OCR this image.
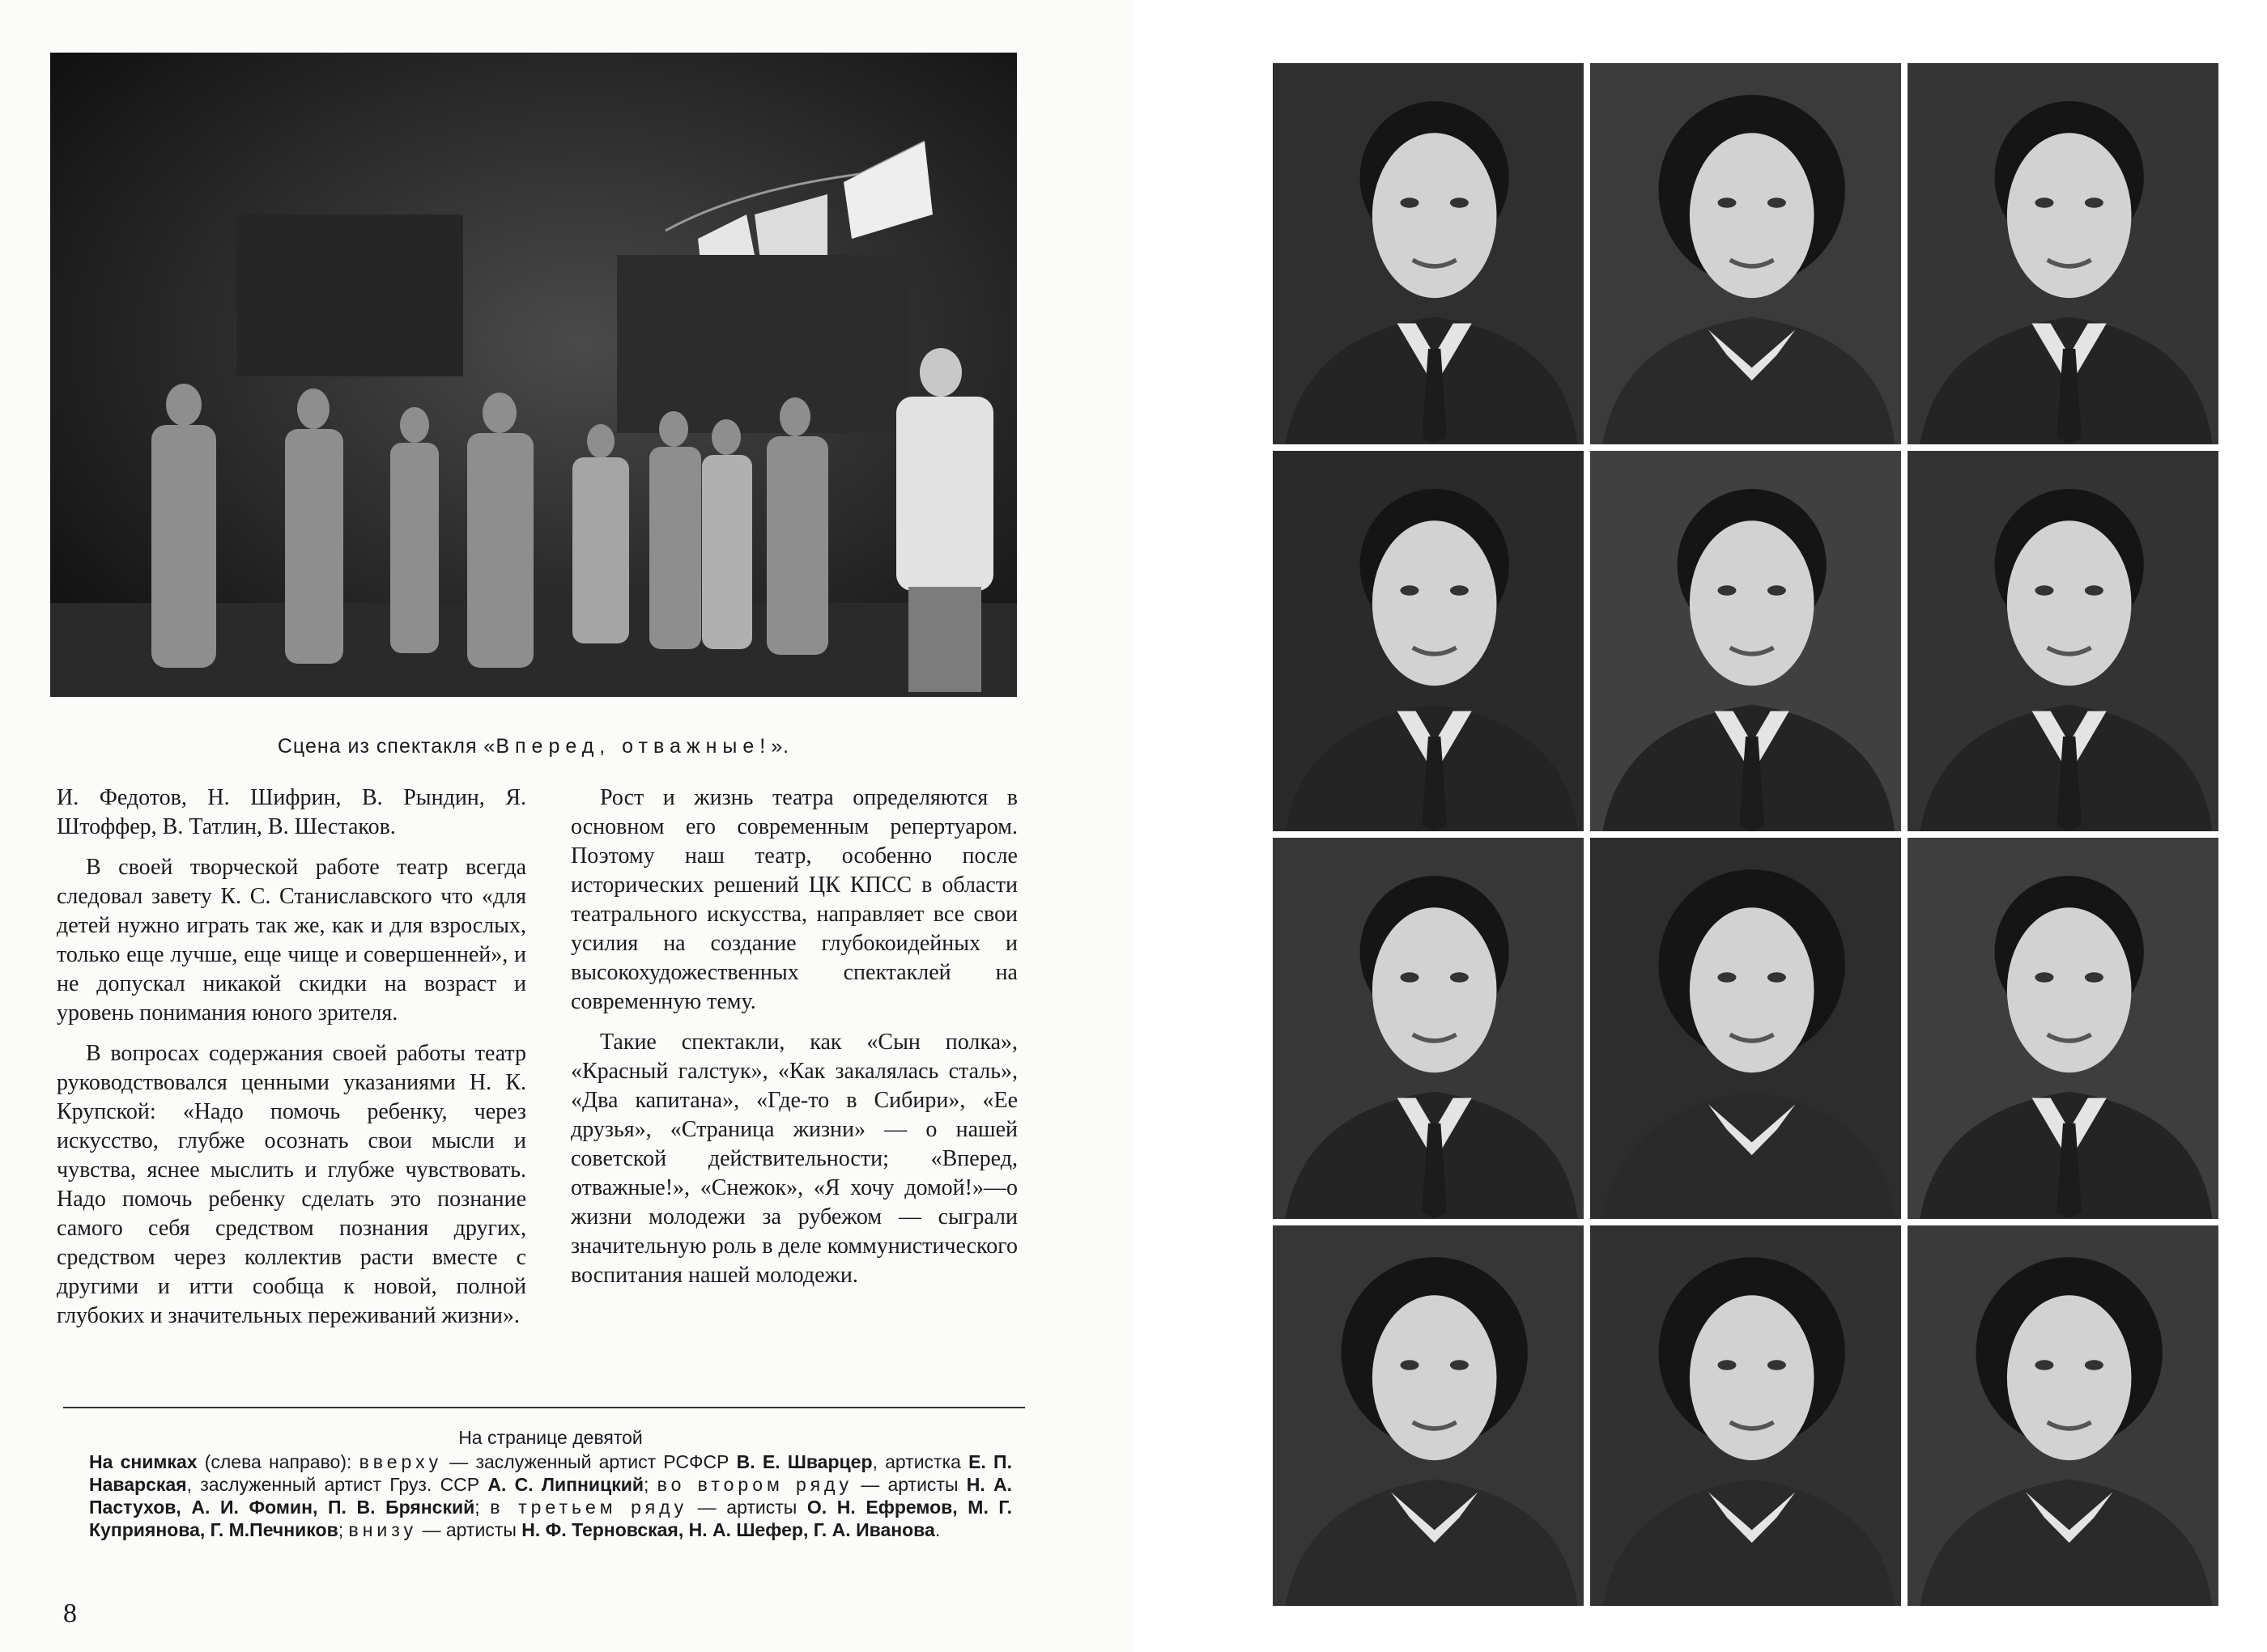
Сцена из спектакля «Вперед, отважные!».

И. Федотов, Н. Шифрин, В. Рындин, Я. Штоффер, В. Татлин, В. Шестаков.

В своей творческой работе театр всегда следовал завету К. С. Станиславского что «для детей нужно играть так же, как и для взрослых, только еще лучше, еще чище и совершенней», и не допускал никакой скидки на возраст и уровень понимания юного зрителя.

В вопросах содержания своей работы театр руководствовался ценными указаниями Н. К. Крупской: «Надо помочь ребенку, через искусство, глубже осознать свои мысли и чувства, яснее мыслить и глубже чувствовать. Надо помочь ребенку сделать это познание самого себя средством познания других, средством через коллектив расти вместе с другими и итти сообща к новой, полной глубоких и значительных переживаний жизни».

Рост и жизнь театра определяются в основном его современным репертуаром. Поэтому наш театр, особенно после исторических решений ЦК КПСС в области театрального искусства, направляет все свои усилия на создание глубокоидейных и высокохудожественных спектаклей на современную тему.

Такие спектакли, как «Сын полка», «Красный галстук», «Как закалялась сталь», «Два капитана», «Где-то в Сибири», «Ее друзья», «Страница жизни» — о нашей советской действительности; «Вперед, отважные!», «Снежок», «Я хочу домой!»—о жизни молодежи за рубежом — сыграли значительную роль в деле коммунистического воспитания нашей молодежи.

На странице девятой
На снимках (слева направо): вверху — заслуженный артист РСФСР В. Е. Шварцер, артистка Е. П. Наварская, заслуженный артист Груз. ССР А. С. Липницкий; во втором ряду — артисты Н. А. Пастухов, А. И. Фомин, П. В. Брянский; в третьем ряду — артисты О. Н. Ефремов, М. Г. Куприянова, Г. М.Печников; внизу — артисты Н. Ф. Терновская, Н. А. Шефер, Г. А. Иванова.
8
